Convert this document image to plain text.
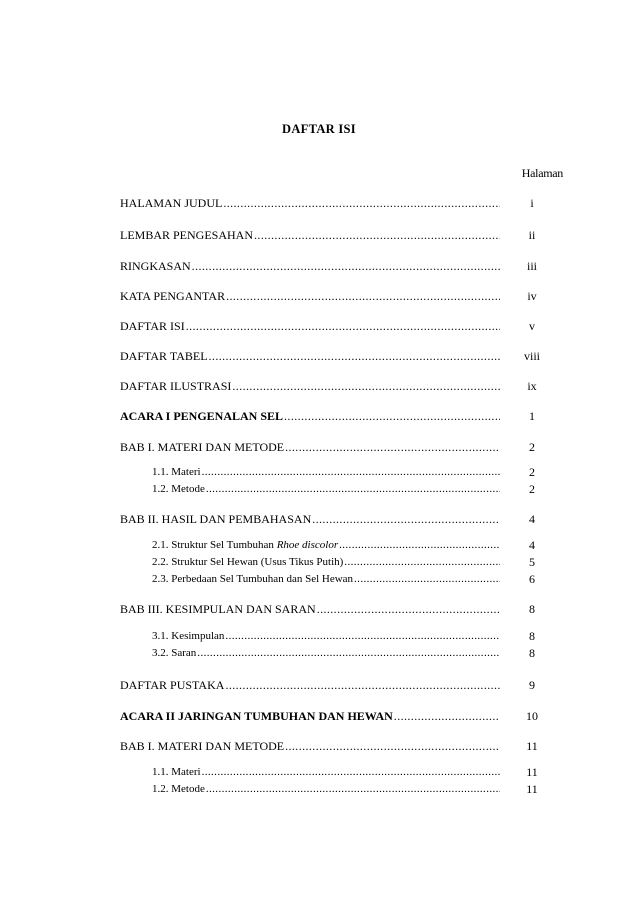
DAFTAR ISI
Halaman
HALAMAN JUDUL .....	i
LEMBAR PENGESAHAN .....	ii
RINGKASAN .....	iii
KATA PENGANTAR .....	iv
DAFTAR ISI .....	v
DAFTAR TABEL .....	viii
DAFTAR ILUSTRASI .....	ix
ACARA I PENGENALAN SEL .....	1
BAB I. MATERI DAN METODE .....	2
1.1. Materi .....	2
1.2. Metode .....	2
BAB II. HASIL DAN PEMBAHASAN .....	4
2.1. Struktur Sel Tumbuhan Rhoe discolor .....	4
2.2. Struktur Sel Hewan (Usus Tikus Putih) .....	5
2.3. Perbedaan Sel Tumbuhan dan Sel Hewan .....	6
BAB III. KESIMPULAN DAN SARAN .....	8
3.1. Kesimpulan .....	8
3.2. Saran .....	8
DAFTAR PUSTAKA .....	9
ACARA II JARINGAN TUMBUHAN DAN HEWAN .....	10
BAB I. MATERI DAN METODE .....	11
1.1. Materi .....	11
1.2. Metode .....	11
